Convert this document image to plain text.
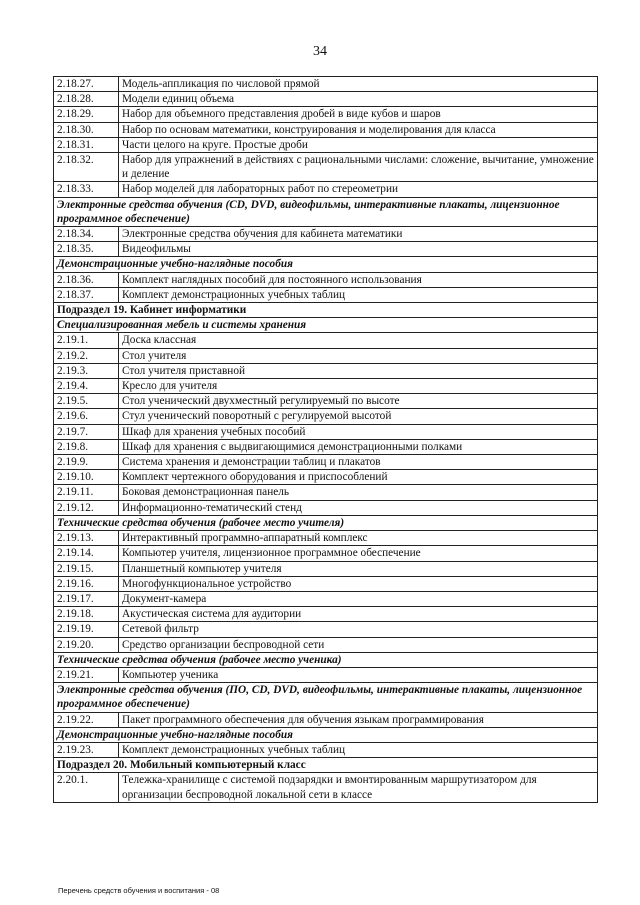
34
2.18.27.	Модель-аппликация по числовой прямой
2.18.28.	Модели единиц объема
2.18.29.	Набор для объемного представления дробей в виде кубов и шаров
2.18.30.	Набор по основам математики, конструирования и моделирования для класса
2.18.31.	Части целого на круге. Простые дроби
2.18.32.	Набор для упражнений в действиях с рациональными числами: сложение, вычитание, умножение и деление
2.18.33.	Набор моделей для лабораторных работ по стереометрии
Электронные средства обучения (CD, DVD, видеофильмы, интерактивные плакаты, лицензионное программное обеспечение)	
2.18.34.	Электронные средства обучения для кабинета математики
2.18.35.	Видеофильмы
Демонстрационные учебно-наглядные пособия	
2.18.36.	Комплект наглядных пособий для постоянного использования
2.18.37.	Комплект демонстрационных учебных таблиц
Подраздел 19. Кабинет информатики	
Специализированная мебель и системы хранения	
2.19.1.	Доска классная
2.19.2.	Стол учителя
2.19.3.	Стол учителя приставной
2.19.4.	Кресло для учителя
2.19.5.	Стол ученический двухместный регулируемый по высоте
2.19.6.	Стул ученический поворотный с регулируемой высотой
2.19.7.	Шкаф для хранения учебных пособий
2.19.8.	Шкаф для хранения с выдвигающимися демонстрационными полками
2.19.9.	Система хранения и демонстрации таблиц и плакатов
2.19.10.	Комплект чертежного оборудования и приспособлений
2.19.11.	Боковая демонстрационная панель
2.19.12.	Информационно-тематический стенд
Технические средства обучения (рабочее место учителя)	
2.19.13.	Интерактивный программно-аппаратный комплекс
2.19.14.	Компьютер учителя, лицензионное программное обеспечение
2.19.15.	Планшетный компьютер учителя
2.19.16.	Многофункциональное устройство
2.19.17.	Документ-камера
2.19.18.	Акустическая система для аудитории
2.19.19.	Сетевой фильтр
2.19.20.	Средство организации беспроводной сети
Технические средства обучения (рабочее место ученика)	
2.19.21.	Компьютер ученика
Электронные средства обучения (ПО, CD, DVD, видеофильмы, интерактивные плакаты, лицензионное программное обеспечение)	
2.19.22.	Пакет программного обеспечения для обучения языкам программирования
Демонстрационные учебно-наглядные пособия	
2.19.23.	Комплект демонстрационных учебных таблиц
Подраздел 20. Мобильный компьютерный класс	
2.20.1.	Тележка-хранилище с системой подзарядки и вмонтированным маршрутизатором для организации беспроводной локальной сети в классе
Перечень средств обучения и воспитания - 08
